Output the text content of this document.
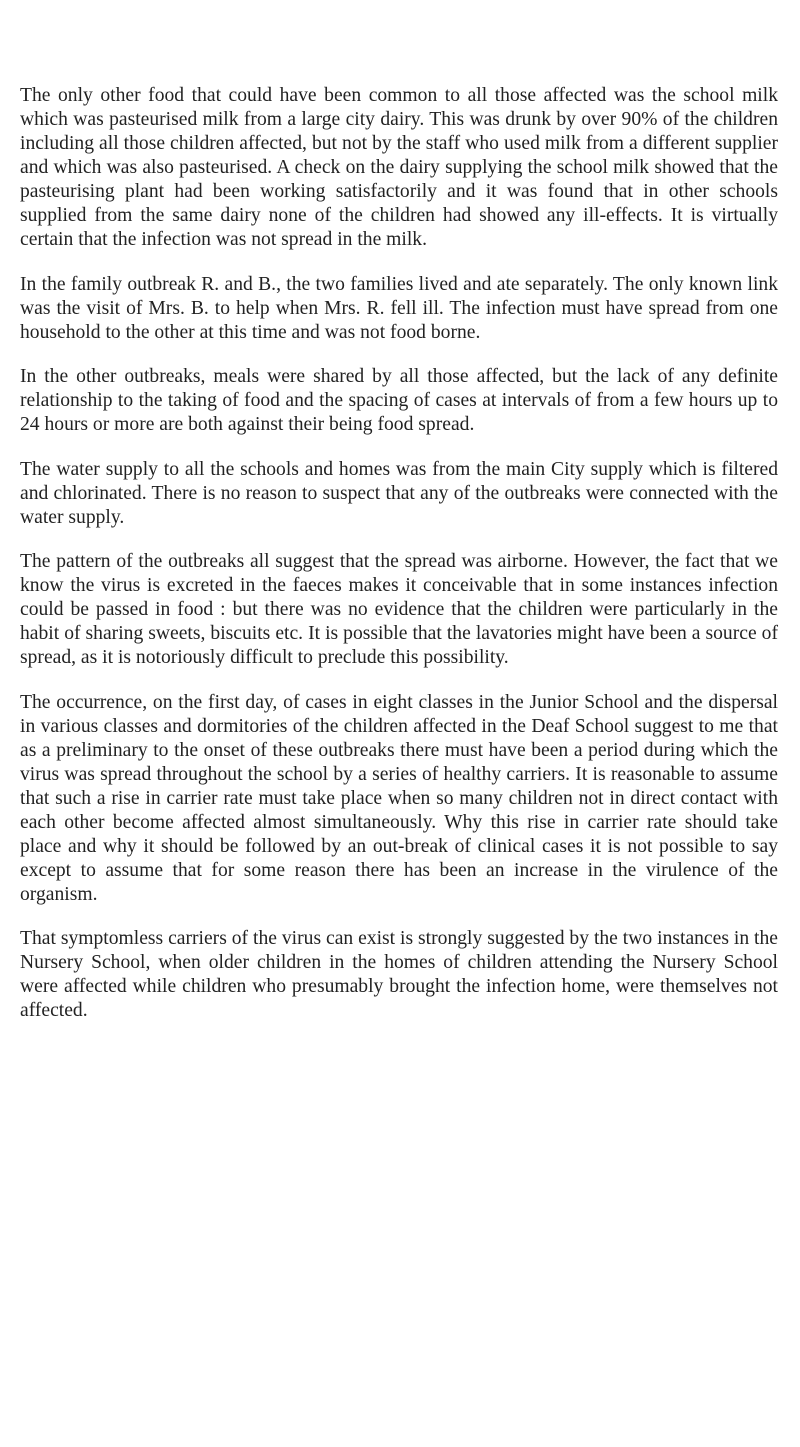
The only other food that could have been common to all those affected was the school milk which was pasteurised milk from a large city dairy. This was drunk by over 90% of the children including all those children affected, but not by the staff who used milk from a different supplier and which was also pasteurised. A check on the dairy supplying the school milk showed that the pasteurising plant had been working satisfactorily and it was found that in other schools supplied from the same dairy none of the children had showed any ill-effects. It is virtually certain that the infection was not spread in the milk.

In the family outbreak R. and B., the two families lived and ate separately. The only known link was the visit of Mrs. B. to help when Mrs. R. fell ill. The infection must have spread from one household to the other at this time and was not food borne.

In the other outbreaks, meals were shared by all those affected, but the lack of any definite relationship to the taking of food and the spacing of cases at intervals of from a few hours up to 24 hours or more are both against their being food spread.

The water supply to all the schools and homes was from the main City supply which is filtered and chlorinated. There is no reason to suspect that any of the outbreaks were connected with the water supply.

The pattern of the outbreaks all suggest that the spread was airborne. However, the fact that we know the virus is excreted in the faeces makes it conceivable that in some instances infection could be passed in food : but there was no evidence that the children were particularly in the habit of sharing sweets, biscuits etc. It is possible that the lavatories might have been a source of spread, as it is notoriously difficult to preclude this possibility.

The occurrence, on the first day, of cases in eight classes in the Junior School and the dispersal in various classes and dormitories of the children affected in the Deaf School suggest to me that as a preliminary to the onset of these outbreaks there must have been a period during which the virus was spread throughout the school by a series of healthy carriers. It is reasonable to assume that such a rise in carrier rate must take place when so many children not in direct contact with each other become affected almost simultaneously. Why this rise in carrier rate should take place and why it should be followed by an out-break of clinical cases it is not possible to say except to assume that for some reason there has been an increase in the virulence of the organism.

That symptomless carriers of the virus can exist is strongly suggested by the two instances in the Nursery School, when older children in the homes of children attending the Nursery School were affected while children who presumably brought the infection home, were themselves not affected.
